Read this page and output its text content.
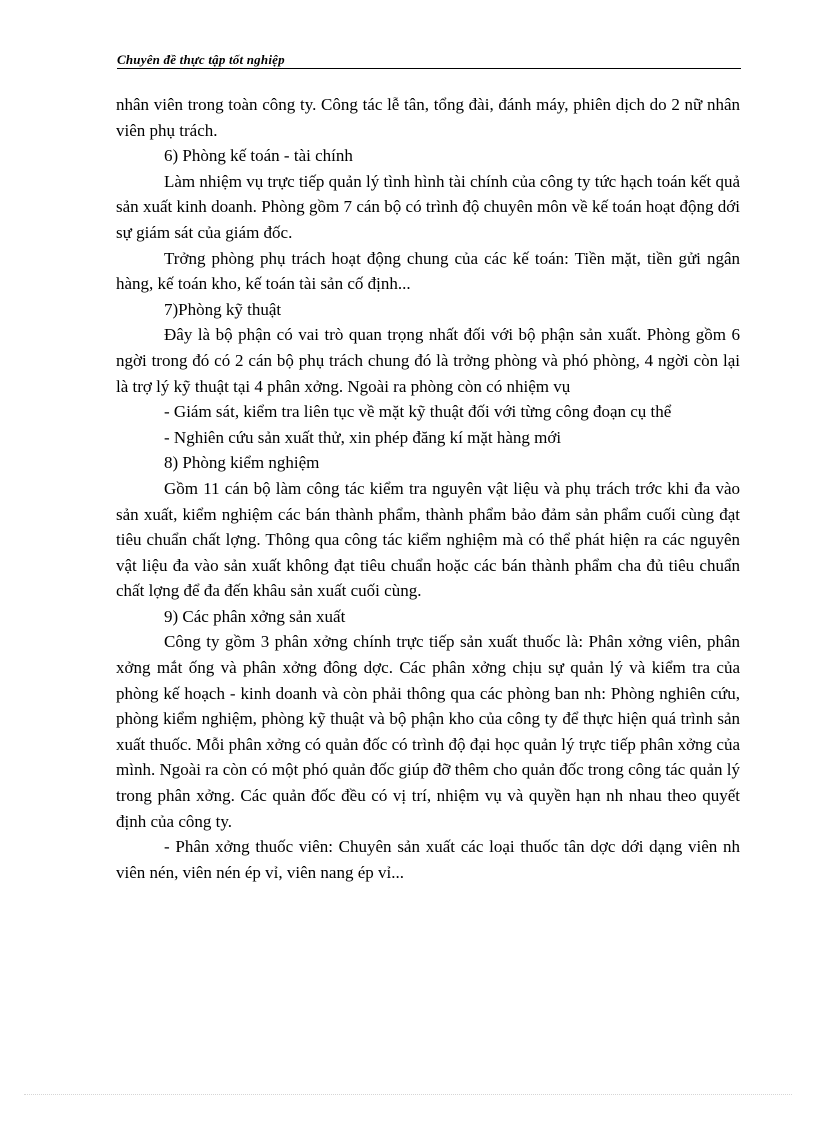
Chuyên đề thực tập tốt nghiệp

nhân viên trong toàn công ty. Công tác lễ tân, tổng đài, đánh máy, phiên dịch do 2 nữ nhân viên phụ trách.

6) Phòng kế toán - tài chính

Làm nhiệm vụ trực tiếp quản lý tình hình tài chính của công ty tức hạch toán kết quả sản xuất kinh doanh. Phòng gồm 7 cán bộ có trình độ chuyên môn về kế toán hoạt động dới sự giám sát của giám đốc.

Trởng phòng phụ trách hoạt động chung của các kế toán: Tiền mặt, tiền gửi ngân hàng, kế toán kho, kế toán tài sản cố định...

7)Phòng kỹ thuật

Đây là bộ phận có vai trò quan trọng nhất đối với bộ phận sản xuất. Phòng gồm 6 ngời trong đó có 2 cán bộ phụ trách chung đó là trởng phòng và phó phòng, 4 ngời còn lại là trợ lý kỹ thuật tại 4 phân xởng. Ngoài ra phòng còn có nhiệm vụ

- Giám sát, kiểm tra liên tục về mặt kỹ thuật đối với từng công đoạn cụ thể

- Nghiên cứu sản xuất thử, xin phép đăng kí mặt hàng mới

8) Phòng kiểm nghiệm

Gồm 11 cán bộ làm công tác kiểm tra nguyên vật liệu và phụ trách trớc khi đa vào sản xuất, kiểm nghiệm các bán thành phẩm, thành phẩm bảo đảm sản phẩm cuối cùng đạt tiêu chuẩn chất lợng. Thông qua công tác kiểm nghiệm mà có thể phát hiện ra các nguyên vật liệu đa vào sản xuất không đạt tiêu chuẩn hoặc các bán thành phẩm cha đủ tiêu chuẩn chất lợng để đa đến khâu sản xuất cuối cùng.

9) Các phân xởng sản xuất

Công ty gồm 3 phân xởng chính trực tiếp sản xuất thuốc là: Phân xởng viên, phân xởng mắt ống và phân xởng đông dợc. Các phân xởng chịu sự quản lý và kiểm tra của phòng kế hoạch - kinh doanh và còn phải thông qua các phòng ban nh: Phòng nghiên cứu, phòng kiểm nghiệm, phòng kỹ thuật và bộ phận kho của công ty để thực hiện quá trình sản xuất thuốc. Mỗi phân xởng có quản đốc có trình độ đại học quản lý trực tiếp phân xởng của mình. Ngoài ra còn có một phó quản đốc giúp đỡ thêm cho quản đốc trong công tác quản lý trong phân xởng. Các quản đốc đều có vị trí, nhiệm vụ và quyền hạn nh nhau theo quyết định của công ty.

- Phân xởng thuốc viên: Chuyên sản xuất các loại thuốc tân dợc dới dạng viên nh viên nén, viên nén ép vỉ, viên nang ép vỉ...
